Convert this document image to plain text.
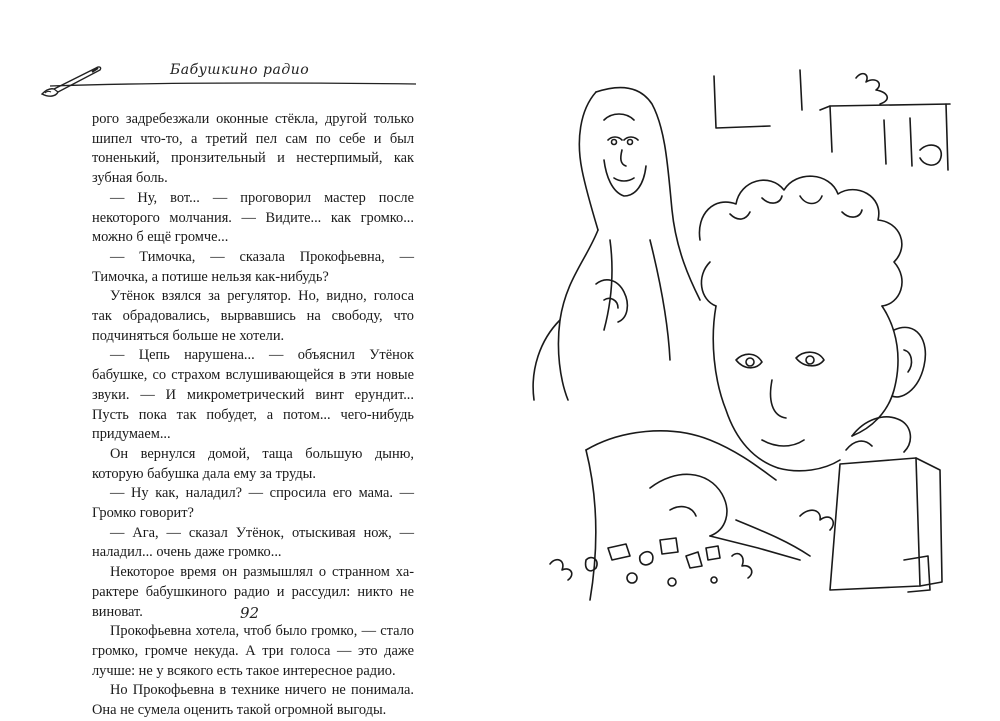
Бабушкино радио

рого задребезжали оконные стёкла, другой только шипел что-то, а третий пел сам по себе и был тоненький, пронзительный и нестерпимый, как зубная боль.

— Ну, вот... — проговорил мастер после некоторого молчания. — Видите... как громко... можно б ещё громче...

— Тимочка, — сказала Прокофьевна, — Тимочка, а потише нельзя как-нибудь?

Утёнок взялся за регулятор. Но, видно, голоса так обрадовались, вырвавшись на свободу, что подчиняться больше не хотели.

— Цепь нарушена... — объяснил Утёнок бабушке, со страхом вслушивающейся в эти новые звуки. — И микрометрический винт ерундит... Пусть пока так побудет, а потом... чего-нибудь придумаем...

Он вернулся домой, таща большую дыню, которую бабушка дала ему за труды.

— Ну как, наладил? — спросила его мама. — Громко говорит?

— Ага, — сказал Утёнок, отыскивая нож, — наладил... очень даже громко...

Некоторое время он размышлял о странном характере бабушкиного радио и рассудил: никто не виноват.

Прокофьевна хотела, чтоб было громко, — стало громко, громче некуда. А три голоса — это даже лучше: не у всякого есть такое интересное радио.

Но Прокофьевна в технике ничего не понимала. Она не сумела оценить такой огромной выгоды.

92
